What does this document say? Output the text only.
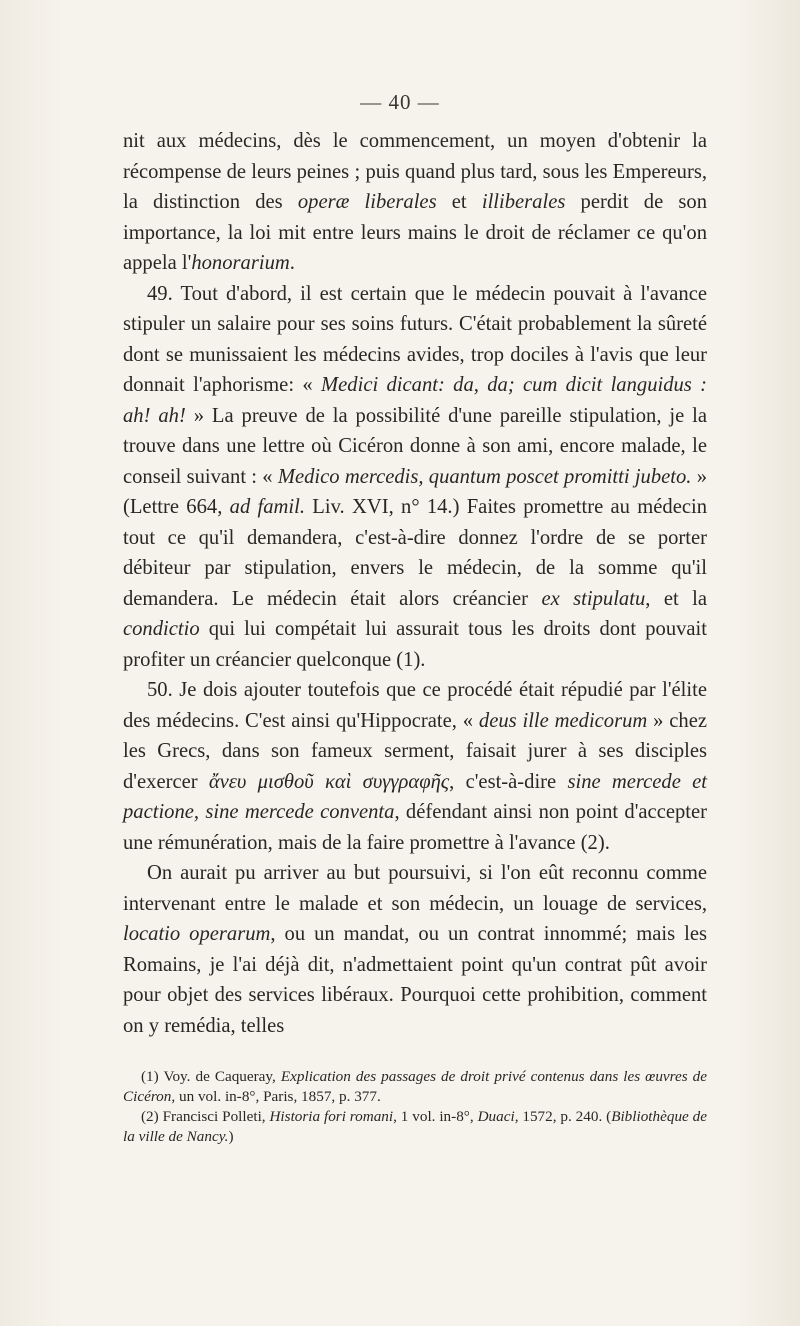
— 40 —

nit aux médecins, dès le commencement, un moyen d'obtenir la récompense de leurs peines ; puis quand plus tard, sous les Empereurs, la distinction des operæ liberales et illiberales perdit de son importance, la loi mit entre leurs mains le droit de réclamer ce qu'on appela l'honorarium.

49. Tout d'abord, il est certain que le médecin pouvait à l'avance stipuler un salaire pour ses soins futurs. C'était probablement la sûreté dont se munissaient les médecins avides, trop dociles à l'avis que leur donnait l'aphorisme: « Medici dicant: da, da; cum dicit languidus : ah! ah! » La preuve de la possibilité d'une pareille stipulation, je la trouve dans une lettre où Cicéron donne à son ami, encore malade, le conseil suivant : « Medico mercedis, quantum poscet promitti jubeto. » (Lettre 664, ad famil. Liv. XVI, n° 14.) Faites promettre au médecin tout ce qu'il demandera, c'est-à-dire donnez l'ordre de se porter débiteur par stipulation, envers le médecin, de la somme qu'il demandera. Le médecin était alors créancier ex stipulatu, et la condictio qui lui compétait lui assurait tous les droits dont pouvait profiter un créancier quelconque (1).

50. Je dois ajouter toutefois que ce procédé était répudié par l'élite des médecins. C'est ainsi qu'Hippocrate, « deus ille medicorum » chez les Grecs, dans son fameux serment, faisait jurer à ses disciples d'exercer ἄνευ μισθοῦ καὶ συγγραφῆς, c'est-à-dire sine mercede et pactione, sine mercede conventa, défendant ainsi non point d'accepter une rémunération, mais de la faire promettre à l'avance (2).

On aurait pu arriver au but poursuivi, si l'on eût reconnu comme intervenant entre le malade et son médecin, un louage de services, locatio operarum, ou un mandat, ou un contrat innommé; mais les Romains, je l'ai déjà dit, n'admettaient point qu'un contrat pût avoir pour objet des services libéraux. Pourquoi cette prohibition, comment on y remédia, telles

(1) Voy. de Caqueray, Explication des passages de droit privé contenus dans les œuvres de Cicéron, un vol. in-8°, Paris, 1857, p. 377.

(2) Francisci Polleti, Historia fori romani, 1 vol. in-8°, Duaci, 1572, p. 240. (Bibliothèque de la ville de Nancy.)
